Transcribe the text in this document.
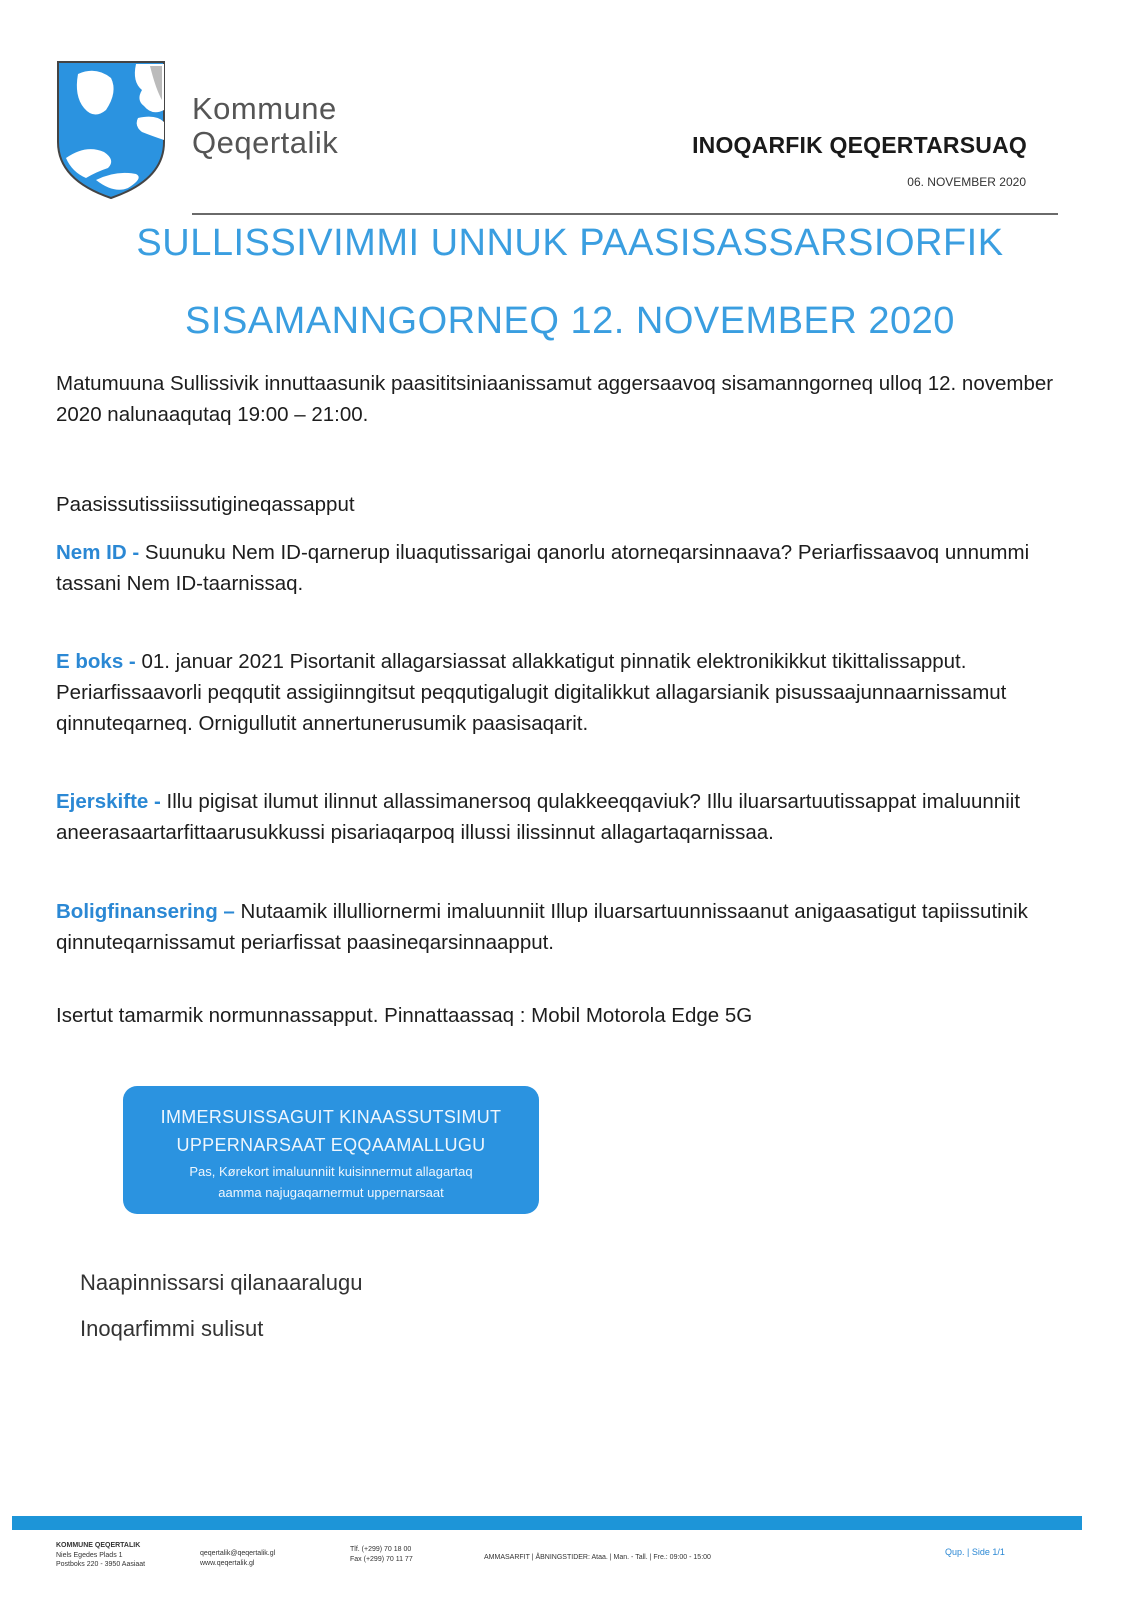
Kommune
Qeqertalik	INOQARFIK QEQERTARSUAQ
06. NOVEMBER 2020
SULLISSIVIMMI UNNUK PAASISASSARSIORFIK
SISAMANNGORNEQ 12. NOVEMBER 2020
Matumuuna Sullissivik innuttaasunik paasititsiniaanissamut aggersaavoq sisamanngorneq ulloq 12. november 2020 nalunaaqutaq 19:00 – 21:00.
Paasissutissiissutigineqassapput
Nem ID - Suunuku Nem ID-qarnerup iluaqutissarigai qanorlu atorneqarsinnaava? Periarfissaavoq unnummi tassani Nem ID-taarnissaq.
E boks - 01. januar 2021 Pisortanit allagarsiassat allakkatigut pinnatik elektronikikkut tikittalissapput. Periarfissaavorli peqqutit assigiinngitsut peqqutigalugit digitalikkut allagarsianik pisussaajunnaarnissamut qinnuteqarneq. Ornigullutit annertunerusumik paasisaqarit.
Ejerskifte - Illu pigisat ilumut ilinnut allassimanersoq qulakkeeqqaviuk? Illu iluarsartuutissappat imaluunniit aneerasaartarfittaarusukkussi pisariaqarpoq illussi ilissinnut allagartaqarnissaa.
Boligfinansering – Nutaamik illulliornermi imaluunniit Illup iluarsartuunnissaanut anigaasatigut tapiissutinik qinnuteqarnissamut periarfissat paasineqarsinnaapput.
Isertut tamarmik normunnassapput. Pinnattaassaq : Mobil Motorola Edge 5G
IMMERSUISSAGUIT KINAASSUTSIMUT
UPPERNARSAAT EQQAAMALLUGU
Pas, Kørekort imaluunniit kuisinnermut allagartaq
aamma najugaqarnermut uppernarsaat
Naapinnissarsi qilanaaralugu
Inoqarfimmi sulisut
KOMMUNE QEQERTALIK
Niels Egedes Plads 1
Postboks 220 - 3950 Aasiaat
qeqertalik@qeqertalik.gl
www.qeqertalik.gl
Tlf. (+299) 70 18 00
Fax (+299) 70 11 77	AMMASARFIT | ÅBNINGSTIDER: Ataa. | Man. - Tall. | Fre.: 09:00 - 15:00
Qup. | Side 1/1
